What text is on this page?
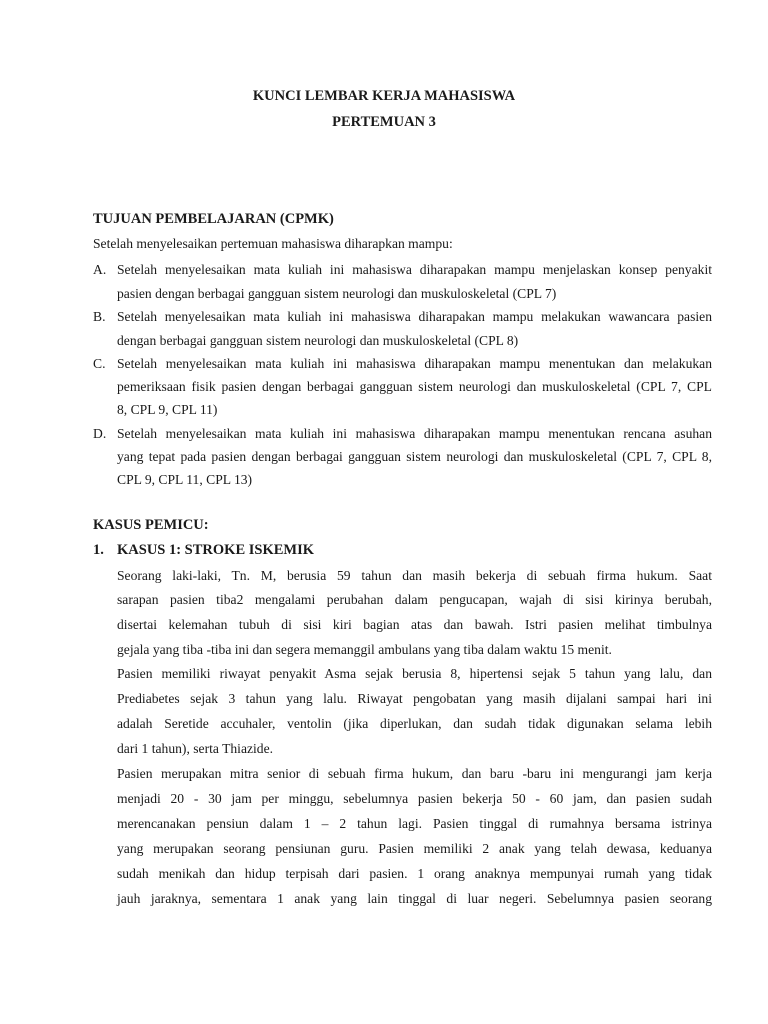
KUNCI LEMBAR KERJA MAHASISWA
PERTEMUAN 3
TUJUAN PEMBELAJARAN (CPMK)
Setelah menyelesaikan pertemuan mahasiswa diharapkan mampu:
A. Setelah menyelesaikan mata kuliah ini mahasiswa diharapakan mampu menjelaskan konsep penyakit
pasien dengan berbagai gangguan sistem neurologi dan muskuloskeletal (CPL 7)
B. Setelah menyelesaikan mata kuliah ini mahasiswa diharapakan mampu melakukan wawancara pasien
dengan berbagai gangguan sistem neurologi dan muskuloskeletal (CPL 8)
C. Setelah menyelesaikan mata kuliah ini mahasiswa diharapakan mampu menentukan dan melakukan
pemeriksaan fisik pasien dengan berbagai gangguan sistem neurologi dan muskuloskeletal (CPL 7, CPL
8, CPL 9, CPL 11)
D. Setelah menyelesaikan mata kuliah ini mahasiswa diharapakan mampu menentukan rencana asuhan
yang tepat pada pasien dengan berbagai gangguan sistem neurologi dan muskuloskeletal (CPL 7, CPL 8,
CPL 9, CPL 11, CPL 13)
KASUS PEMICU:
1. KASUS 1: STROKE ISKEMIK
Seorang laki-laki, Tn. M, berusia 59 tahun dan masih bekerja di sebuah firma hukum. Saat
sarapan pasien tiba2 mengalami perubahan dalam pengucapan, wajah di sisi kirinya berubah,
disertai kelemahan tubuh di sisi kiri bagian atas dan bawah. Istri pasien melihat timbulnya
gejala yang tiba -tiba ini dan segera memanggil ambulans yang tiba dalam waktu 15 menit.
Pasien memiliki riwayat penyakit Asma sejak berusia 8, hipertensi sejak 5 tahun yang lalu, dan
Prediabetes sejak 3 tahun yang lalu. Riwayat pengobatan yang masih dijalani sampai hari ini
adalah Seretide accuhaler, ventolin (jika diperlukan, dan sudah tidak digunakan selama lebih
dari 1 tahun), serta Thiazide.
Pasien merupakan mitra senior di sebuah firma hukum, dan baru -baru ini mengurangi jam kerja
menjadi 20 - 30 jam per minggu, sebelumnya pasien bekerja 50 - 60 jam, dan pasien sudah
merencanakan pensiun dalam 1 – 2 tahun lagi. Pasien tinggal di rumahnya bersama istrinya
yang merupakan seorang pensiunan guru. Pasien memiliki 2 anak yang telah dewasa, keduanya
sudah menikah dan hidup terpisah dari pasien. 1 orang anaknya mempunyai rumah yang tidak
jauh jaraknya, sementara 1 anak yang lain tinggal di luar negeri. Sebelumnya pasien seorang
